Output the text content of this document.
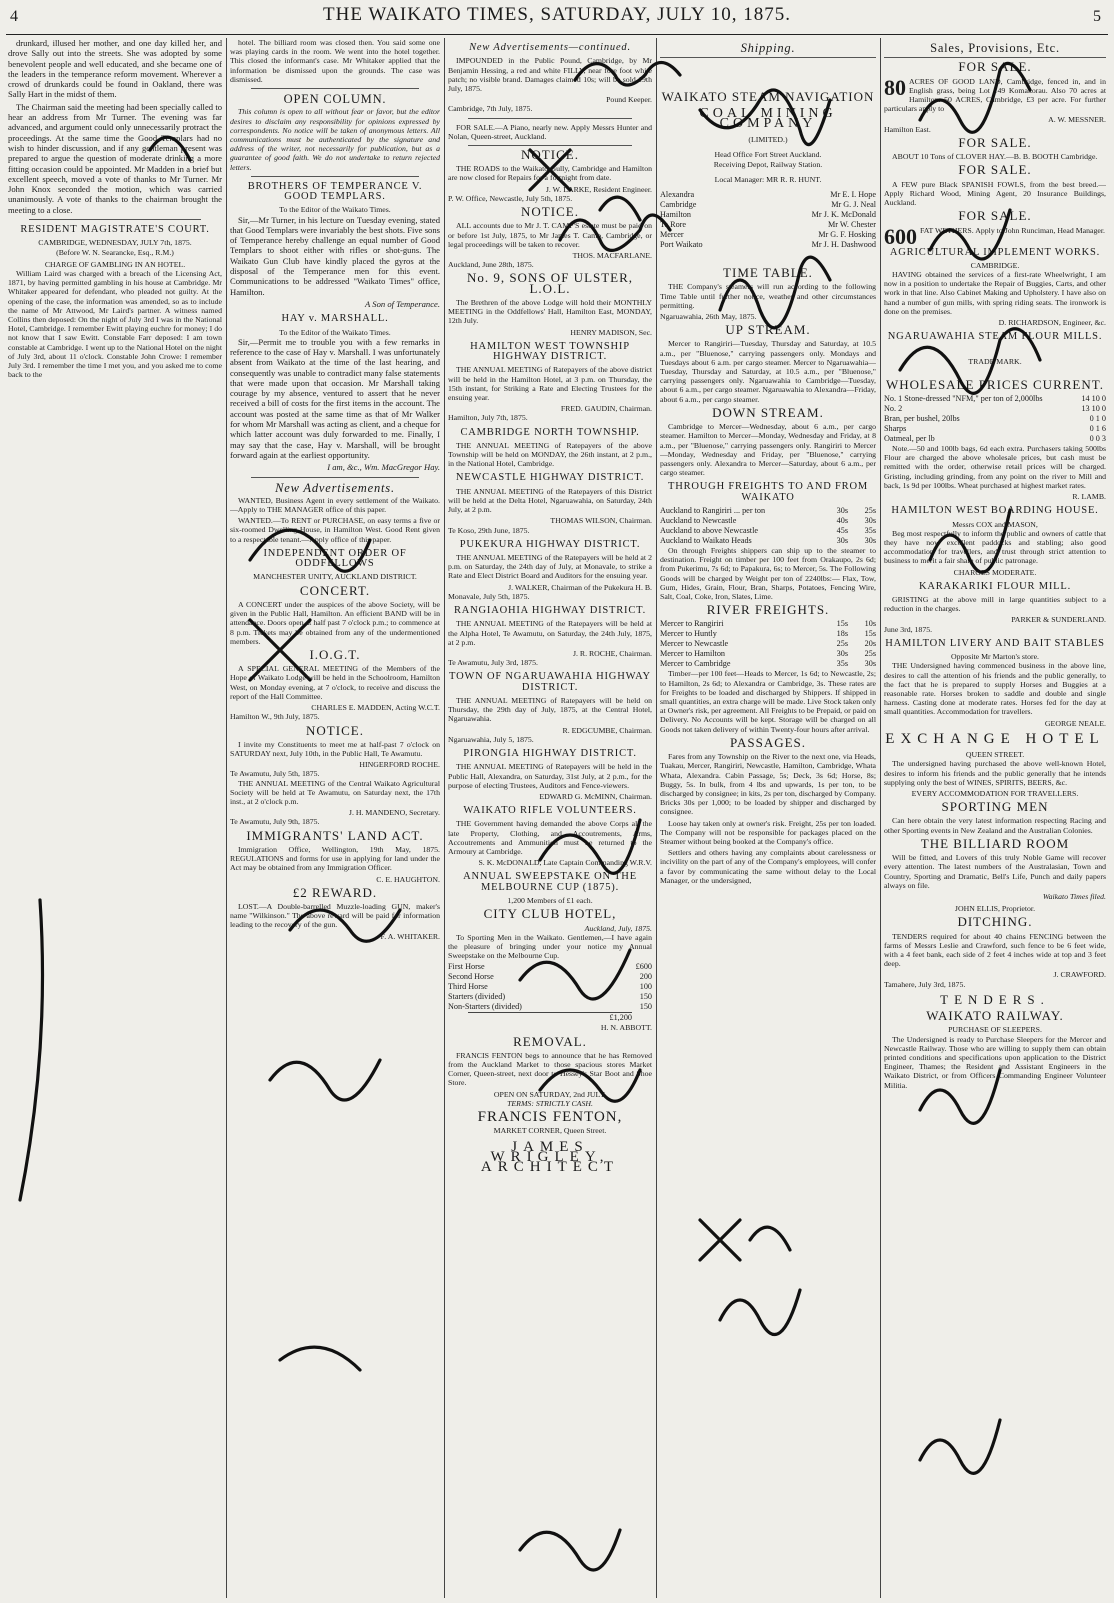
4	THE WAIKATO TIMES, SATURDAY, JULY 10, 1875.	5

drunkard, illused her mother, and one day killed her, and drove Sally out into the streets. She was adopted by some benevolent people and well educated, and she became one of the leaders in the temperance reform movement. Wherever a crowd of drunkards could be found in Oakland, there was Sally Hart in the midst of them.

The Chairman said the meeting had been specially called to hear an address from Mr Turner. The evening was far advanced, and argument could only unnecessarily protract the proceedings. At the same time the Good Templars had no wish to hinder discussion, and if any gentleman present was prepared to argue the question of moderate drinking a more fitting occasion could be appointed. Mr Madden in a brief but excellent speech, moved a vote of thanks to Mr Turner. Mr John Knox seconded the motion, which was carried unanimously. A vote of thanks to the chairman brought the meeting to a close.

RESIDENT MAGISTRATE'S COURT.
CAMBRIDGE, WEDNESDAY, JULY 7th, 1875.
(Before W. N. Searancke, Esq., R.M.)
CHARGE OF GAMBLING IN AN HOTEL.

William Laird was charged with a breach of the Licensing Act, 1871, by having permitted gambling in his house at Cambridge. Mr Whitaker appeared for defendant, who pleaded not guilty. At the opening of the case, the information was amended, so as to include the name of Mr Attwood, Mr Laird's partner. A witness named Collins then deposed: On the night of July 3rd I was in the National Hotel, Cambridge. I remember Ewitt playing euchre for money; I do not know that I saw Ewitt. Constable Farr deposed: I am town constable at Cambridge. I went up to the National Hotel on the night of July 3rd, about 11 o'clock. Constable John Crowe: I remember July 3rd. I remember the time I met you, and you asked me to come back to the

hotel. The billiard room was closed then. You said some one was playing cards in the room. We went into the hotel together. This closed the informant's case. Mr Whitaker applied that the information be dismissed upon the grounds. The case was dismissed.

OPEN COLUMN.

This column is open to all without fear or favor, but the editor desires to disclaim any responsibility for opinions expressed by correspondents. No notice will be taken of anonymous letters. All communications must be authenticated by the signature and address of the writer, not necessarily for publication, but as a guarantee of good faith. We do not undertake to return rejected letters.

BROTHERS OF TEMPERANCE V. GOOD TEMPLARS.
To the Editor of the Waikato Times.

Sir,—Mr Turner, in his lecture on Tuesday evening, stated that Good Templars were invariably the best shots. Five sons of Temperance hereby challenge an equal number of Good Templars to shoot either with rifles or shot-guns. The Waikato Gun Club have kindly placed the gyros at the disposal of the Temperance men for this event. Communications to be addressed "Waikato Times" office, Hamilton.

A Son of Temperance.
HAY v. MARSHALL.
To the Editor of the Waikato Times.

Sir,—Permit me to trouble you with a few remarks in reference to the case of Hay v. Marshall. I was unfortunately absent from Waikato at the time of the last hearing, and consequently was unable to contradict many false statements that were made upon that occasion. Mr Marshall taking courage by my absence, ventured to assert that he never received a bill of costs for the first items in the account. The account was posted at the same time as that of Mr Walker for whom Mr Marshall was acting as client, and a cheque for which latter account was duly forwarded to me. Finally, I may say that the case, Hay v. Marshall, will be brought forward again at the earliest opportunity.

I am, &c., Wm. MacGregor Hay.
New Advertisements.

WANTED, Business Agent in every settlement of the Waikato.—Apply to THE MANAGER office of this paper.

WANTED.—To RENT or PURCHASE, on easy terms a five or six-roomed Dwelling House, in Hamilton West. Good Rent given to a respectable tenant.—Apply office of this paper.

INDEPENDENT ORDER OF ODDFELLOWS
MANCHESTER UNITY, AUCKLAND DISTRICT.
CONCERT.

A CONCERT under the auspices of the above Society, will be given in the Public Hall, Hamilton. An efficient BAND will be in attendance. Doors open at half past 7 o'clock p.m.; to commence at 8 p.m. Tickets may be obtained from any of the undermentioned members.

I.O.G.T.

A SPECIAL GENERAL MEETING of the Members of the Hope of Waikato Lodge will be held in the Schoolroom, Hamilton West, on Monday evening, at 7 o'clock, to receive and discuss the report of the Hall Committee.

CHARLES E. MADDEN, Acting W.C.T.
Hamilton W., 9th July, 1875.
NOTICE.

I invite my Constituents to meet me at half-past 7 o'clock on SATURDAY next, July 10th, in the Public Hall, Te Awamutu.

HINGERFORD ROCHE.
Te Awamutu, July 5th, 1875.

THE ANNUAL MEETING of the Central Waikato Agricultural Society will be held at Te Awamutu, on Saturday next, the 17th inst., at 2 o'clock p.m.

J. H. MANDENO, Secretary.
Te Awamutu, July 9th, 1875.
IMMIGRANTS' LAND ACT.

Immigration Office, Wellington, 19th May, 1875. REGULATIONS and forms for use in applying for land under the Act may be obtained from any Immigration Officer.

C. E. HAUGHTON.
£2 REWARD.

LOST.—A Double-barrelled Muzzle-loading GUN, maker's name "Wilkinson." The above reward will be paid for information leading to the recovery of the gun.

F. A. WHITAKER.
New Advertisements—continued.

IMPOUNDED in the Public Pound, Cambridge, by Mr Benjamin Hessing, a red and white FILLY, near fore foot white patch; no visible brand. Damages claimed 10s; will be sold 19th July, 1875.

Pound Keeper.
Cambridge, 7th July, 1875.

FOR SALE.—A Piano, nearly new. Apply Messrs Hunter and Nolan, Queen-street, Auckland.

NOTICE.

THE ROADS to the Waikato Gully, Cambridge and Hamilton are now closed for Repairs for a fortnight from date.

J. W. LARKE, Resident Engineer.
P. W. Office, Newcastle, July 5th, 1875.
NOTICE.

ALL accounts due to Mr J. T. CAMP'S estate must be paid on or before 1st July, 1875, to Mr James T. Camp, Cambridge, or legal proceedings will be taken to recover.

THOS. MACFARLANE.
Auckland, June 28th, 1875.
No. 9, SONS OF ULSTER, L.O.L.

The Brethren of the above Lodge will hold their MONTHLY MEETING in the Oddfellows' Hall, Hamilton East, MONDAY, 12th July.

HENRY MADISON, Sec.
HAMILTON WEST TOWNSHIP HIGHWAY DISTRICT.

THE ANNUAL MEETING of Ratepayers of the above district will be held in the Hamilton Hotel, at 3 p.m. on Thursday, the 15th instant, for Striking a Rate and Electing Trustees for the ensuing year.

FRED. GAUDIN, Chairman.
Hamilton, July 7th, 1875.
CAMBRIDGE NORTH TOWNSHIP.

THE ANNUAL MEETING of Ratepayers of the above Township will be held on MONDAY, the 26th instant, at 2 p.m., in the National Hotel, Cambridge.

NEWCASTLE HIGHWAY DISTRICT.

THE ANNUAL MEETING of the Ratepayers of this District will be held at the Delta Hotel, Ngaruawahia, on Saturday, 24th July, at 2 p.m.

THOMAS WILSON, Chairman.
Te Koso, 29th June, 1875.
PUKEKURA HIGHWAY DISTRICT.

THE ANNUAL MEETING of the Ratepayers will be held at 2 p.m. on Saturday, the 24th day of July, at Monavale, to strike a Rate and Elect District Board and Auditors for the ensuing year.

J. WALKER, Chairman of the Pukekura H. B.
Monavale, July 5th, 1875.
RANGIAOHIA HIGHWAY DISTRICT.

THE ANNUAL MEETING of the Ratepayers will be held at the Alpha Hotel, Te Awamutu, on Saturday, the 24th July, 1875, at 2 p.m.

J. R. ROCHE, Chairman.
Te Awamutu, July 3rd, 1875.
TOWN OF NGARUAWAHIA HIGHWAY DISTRICT.

THE ANNUAL MEETING of Ratepayers will be held on Thursday, the 29th day of July, 1875, at the Central Hotel, Ngaruawahia.

R. EDGCUMBE, Chairman.
Ngaruawahia, July 5, 1875.
PIRONGIA HIGHWAY DISTRICT.

THE ANNUAL MEETING of Ratepayers will be held in the Public Hall, Alexandra, on Saturday, 31st July, at 2 p.m., for the purpose of electing Trustees, Auditors and Fence-viewers.

EDWARD G. McMINN, Chairman.
WAIKATO RIFLE VOLUNTEERS.

THE Government having demanded the above Corps all the late Property, Clothing, and Accoutrements, Arms, Accoutrements and Ammunition must be returned to the Armoury at Cambridge.

S. K. McDONALD, Late Captain Commanding W.R.V.
ANNUAL SWEEPSTAKE ON THE MELBOURNE CUP (1875).
1,200 Members of £1 each.
CITY CLUB HOTEL,
Auckland, July, 1875.

To Sporting Men in the Waikato. Gentlemen,—I have again the pleasure of bringing under your notice my Annual Sweepstake on the Melbourne Cup.

First Horse	£600
Second Horse	200
Third Horse	100
Starters (divided)	150
Non-Starters (divided)	150
£1,200
H. N. ABBOTT.
REMOVAL.

FRANCIS FENTON begs to announce that he has Removed from the Auckland Market to those spacious stores Market Corner, Queen-street, next door to Hessey's Star Boot and Shoe Store.

OPEN ON SATURDAY, 2nd JULY.
TERMS: STRICTLY CASH.
FRANCIS FENTON,
MARKET CORNER, Queen Street.
JAMES WRIGLEY, ARCHITECT
Shipping.
WAIKATO STEAM NAVIGATION
COAL MINING COMPANY
(LIMITED.)
Head Office Fort Street Auckland.
Receiving Depot, Railway Station.
Local Manager: MR R. R. HUNT.
Alexandra	Mr E. I. Hope
Cambridge	Mr G. J. Neal
Hamilton	Mr J. K. McDonald
Te Rore	Mr W. Chester
Mercer	Mr G. F. Hosking
Port Waikato	Mr J. H. Dashwood
TIME TABLE.

THE Company's steamers will run according to the following Time Table until further notice, weather and other circumstances permitting.

Ngaruawahia, 26th May, 1875.
UP STREAM.

Mercer to Rangiriri—Tuesday, Thursday and Saturday, at 10.5 a.m., per "Bluenose," carrying passengers only. Mondays and Tuesdays about 6 a.m. per cargo steamer. Mercer to Ngaruawahia—Tuesday, Thursday and Saturday, at 10.5 a.m., per "Bluenose," carrying passengers only. Ngaruawahia to Cambridge—Tuesday, about 6 a.m., per cargo steamer. Ngaruawahia to Alexandra—Friday, about 6 a.m., per cargo steamer.

DOWN STREAM.

Cambridge to Mercer—Wednesday, about 6 a.m., per cargo steamer. Hamilton to Mercer—Monday, Wednesday and Friday, at 8 a.m., per "Bluenose," carrying passengers only. Rangiriri to Mercer—Monday, Wednesday and Friday, per "Bluenose," carrying passengers only. Alexandra to Mercer—Saturday, about 6 a.m., per cargo steamer.

THROUGH FREIGHTS TO AND FROM WAIKATO
Auckland to Rangiriri ... per ton	30s	25s
Auckland to Newcastle	40s	30s
Auckland to above Newcastle	45s	35s
Auckland to Waikato Heads	30s	30s

On through Freights shippers can ship up to the steamer to destination. Freight on timber per 100 feet from Orakaupo, 2s 6d; from Pukerimu, 7s 6d; to Papakura, 6s; to Mercer, 5s. The Following Goods will be charged by Weight per ton of 2240lbs:— Flax, Tow, Gum, Hides, Grain, Flour, Bran, Sharps, Potatoes, Fencing Wire, Salt, Coal, Coke, Iron, Slates, Lime.

RIVER FREIGHTS.
Mercer to Rangiriri	15s	10s
Mercer to Huntly	18s	15s
Mercer to Newcastle	25s	20s
Mercer to Hamilton	30s	25s
Mercer to Cambridge	35s	30s

Timber—per 100 feet—Heads to Mercer, 1s 6d; to Newcastle, 2s; to Hamilton, 2s 6d; to Alexandra or Cambridge, 3s. These rates are for Freights to be loaded and discharged by Shippers. If shipped in small quantities, an extra charge will be made. Live Stock taken only at Owner's risk, per agreement. All Freights to be Prepaid, or paid on Delivery. No Accounts will be kept. Storage will be charged on all Goods not taken delivery of within Twenty-four hours after arrival.

PASSAGES.

Fares from any Township on the River to the next one, via Heads, Tuakau, Mercer, Rangiriri, Newcastle, Hamilton, Cambridge, Whata Whata, Alexandra. Cabin Passage, 5s; Deck, 3s 6d; Horse, 8s; Buggy, 5s. In bulk, from 4 lbs and upwards, 1s per ton, to be discharged by consignee; in kits, 2s per ton, discharged by Company. Bricks 30s per 1,000; to be loaded by shipper and discharged by consignee.

Loose hay taken only at owner's risk. Freight, 25s per ton loaded. The Company will not be responsible for packages placed on the Steamer without being booked at the Company's office.

Settlers and others having any complaints about carelessness or incivility on the part of any of the Company's employees, will confer a favor by communicating the same without delay to the Local Manager, or the undersigned,

Sales, Provisions, Etc.
FOR SALE.

80 ACRES OF GOOD LAND, Cambridge, fenced in, and in English grass, being Lot 149 Komakorau. Also 70 acres at Hamilton. 50 ACRES, Cambridge, £3 per acre. For further particulars apply to

A. W. MESSNER.
Hamilton East.
FOR SALE.

ABOUT 10 Tons of CLOVER HAY.—B. B. BOOTH Cambridge.

FOR SALE.

A FEW pure Black SPANISH FOWLS, from the best breed.—Apply Richard Wood, Mining Agent, 20 Insurance Buildings, Auckland.

FOR SALE.

600 FAT WETHERS. Apply to John Runciman, Head Manager.

AGRICULTURAL IMPLEMENT WORKS.
CAMBRIDGE.

HAVING obtained the services of a first-rate Wheelwright, I am now in a position to undertake the Repair of Buggies, Carts, and other work in that line. Also Cabinet Making and Upholstery. I have also on hand a number of gun mills, with spring riding seats. The ironwork is done on the premises.

D. RICHARDSON, Engineer, &c.
NGARUAWAHIA STEAM FLOUR MILLS.
TRADE MARK.
WHOLESALE PRICES CURRENT.
No. 1 Stone-dressed "NFM," per ton of 2,000lbs	14 10 0
No. 2	13 10 0
Bran, per bushel, 20lbs	0 1 0
Sharps	0 1 6
Oatmeal, per lb	0 0 3

Note.—50 and 100lb bags, 6d each extra. Purchasers taking 500lbs Flour are charged the above wholesale prices, but cash must be remitted with the order, otherwise retail prices will be charged. Gristing, including grinding, from any point on the river to Mill and back, 1s 9d per 100lbs. Wheat purchased at highest market rates.

R. LAMB.
HAMILTON WEST BOARDING HOUSE.
Messrs COX and MASON,

Beg most respectfully to inform the public and owners of cattle that they have now excellent paddocks and stabling; also good accommodation for travellers, and trust through strict attention to business to merit a fair share of public patronage.

CHARGES MODERATE.
KARAKARIKI FLOUR MILL.

GRISTING at the above mill in large quantities subject to a reduction in the charges.

PARKER & SUNDERLAND.
June 3rd, 1875.
HAMILTON LIVERY AND BAIT STABLES
Opposite Mr Marton's store.

THE Undersigned having commenced business in the above line, desires to call the attention of his friends and the public generally, to the fact that he is prepared to supply Horses and Buggies at a reasonable rate. Horses broken to saddle and double and single harness. Casting done at moderate rates. Horses fed for the day at small quantities. Accommodation for travellers.

GEORGE NEALE.
EXCHANGE HOTEL
QUEEN STREET.

The undersigned having purchased the above well-known Hotel, desires to inform his friends and the public generally that he intends supplying only the best of WINES, SPIRITS, BEERS, &c.

EVERY ACCOMMODATION FOR TRAVELLERS.
SPORTING MEN

Can here obtain the very latest information respecting Racing and other Sporting events in New Zealand and the Australian Colonies.

THE BILLIARD ROOM

Will be fitted, and Lovers of this truly Noble Game will recover every attention. The latest numbers of the Australasian, Town and Country, Sporting and Dramatic, Bell's Life, Punch and daily papers always on file.

Waikato Times filed.
JOHN ELLIS, Proprietor.
DITCHING.

TENDERS required for about 40 chains FENCING between the farms of Messrs Leslie and Crawford, such fence to be 6 feet wide, with a 4 feet bank, each side of 2 feet 4 inches wide at top and 3 feet deep.

J. CRAWFORD.
Tamahere, July 3rd, 1875.
TENDERS.
WAIKATO RAILWAY.
PURCHASE OF SLEEPERS.

The Undersigned is ready to Purchase Sleepers for the Mercer and Newcastle Railway. Those who are willing to supply them can obtain printed conditions and specifications upon application to the District Engineer, Thames; the Resident and Assistant Engineers in the Waikato District, or from Officers Commanding Engineer Volunteer Militia.
